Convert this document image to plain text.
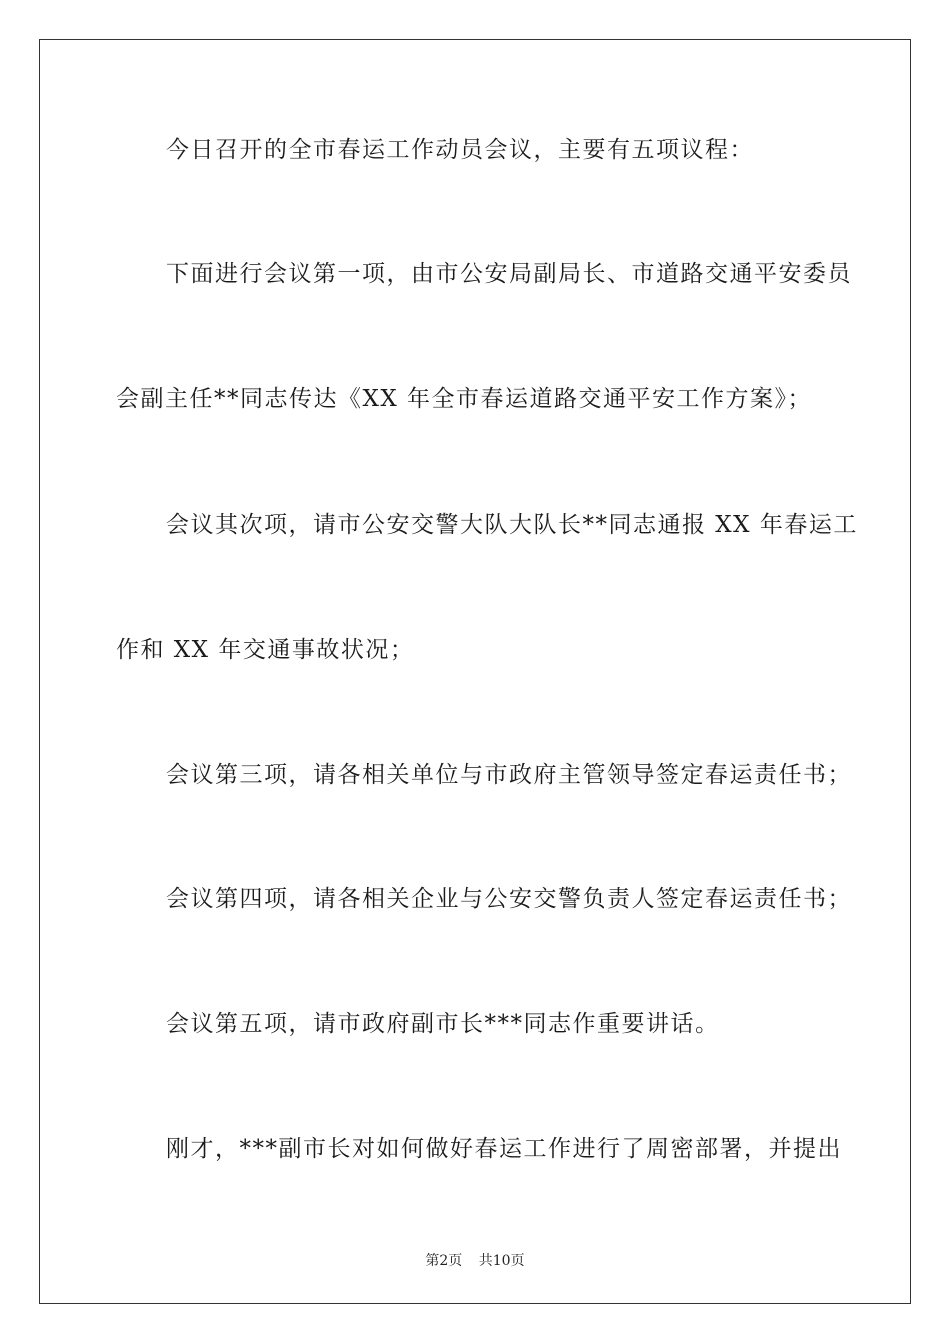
今日召开的全市春运工作动员会议，主要有五项议程：
下面进行会议第一项，由市公安局副局长、市道路交通平安委员
会副主任**同志传达《XX 年全市春运道路交通平安工作方案》；
会议其次项，请市公安交警大队大队长**同志通报 XX 年春运工
作和 XX 年交通事故状况；
会议第三项，请各相关单位与市政府主管领导签定春运责任书；
会议第四项，请各相关企业与公安交警负责人签定春运责任书；
会议第五项，请市政府副市长***同志作重要讲话。
刚才，***副市长对如何做好春运工作进行了周密部署，并提出
第2页 共10页
